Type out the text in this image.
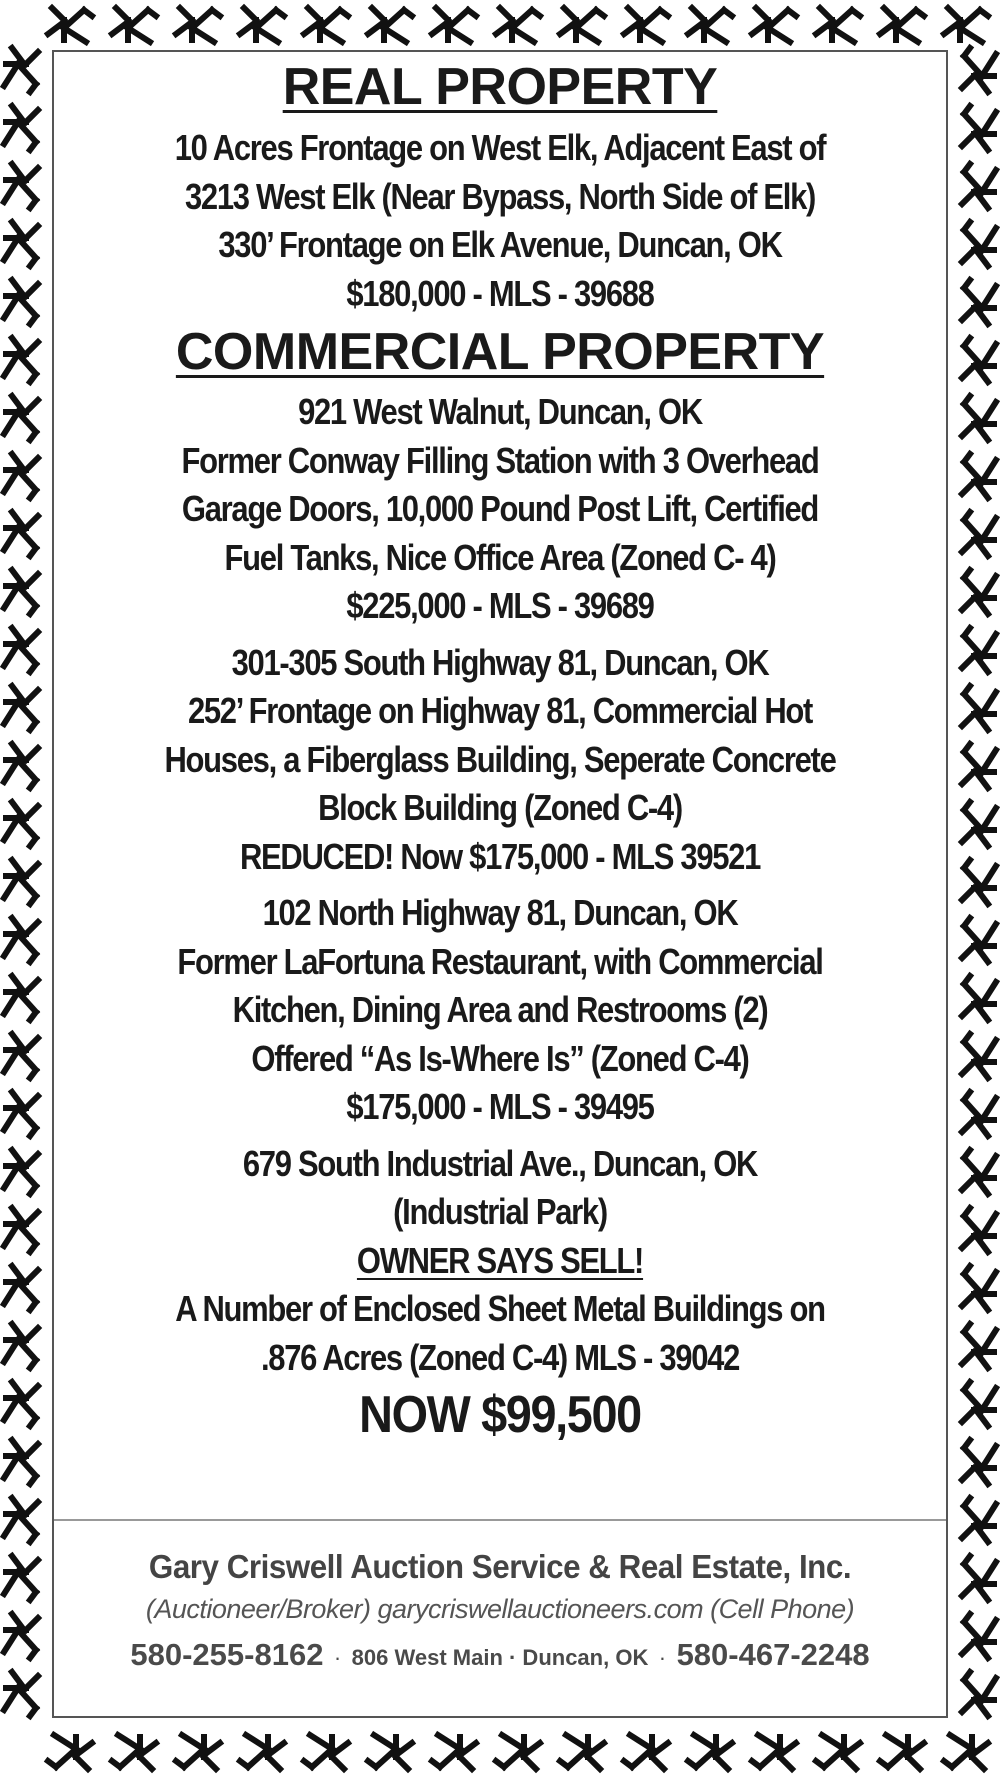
REAL PROPERTY
10 Acres Frontage on West Elk, Adjacent East of
3213 West Elk (Near Bypass, North Side of Elk)
330’ Frontage on Elk Avenue, Duncan, OK
$180,000 - MLS - 39688
COMMERCIAL PROPERTY
921 West Walnut, Duncan, OK
Former Conway Filling Station with 3 Overhead
Garage Doors, 10,000 Pound Post Lift, Certified
Fuel Tanks, Nice Office Area (Zoned C- 4)
$225,000 - MLS - 39689
301-305 South Highway 81, Duncan, OK
252’ Frontage on Highway 81, Commercial Hot
Houses, a Fiberglass Building, Seperate Concrete
Block Building (Zoned C-4)
REDUCED! Now $175,000 - MLS 39521
102 North Highway 81, Duncan, OK
Former LaFortuna Restaurant, with Commercial
Kitchen, Dining Area and Restrooms (2)
Offered “As Is-Where Is” (Zoned C-4)
$175,000 - MLS - 39495
679 South Industrial Ave., Duncan, OK
(Industrial Park)
OWNER SAYS SELL!
A Number of Enclosed Sheet Metal Buildings on
.876 Acres (Zoned C-4) MLS - 39042
NOW $99,500
Gary Criswell Auction Service & Real Estate, Inc.
(Auctioneer/Broker) garycriswellauctioneers.com (Cell Phone)
580-255-8162 · 806 West Main · Duncan, OK · 580-467-2248
